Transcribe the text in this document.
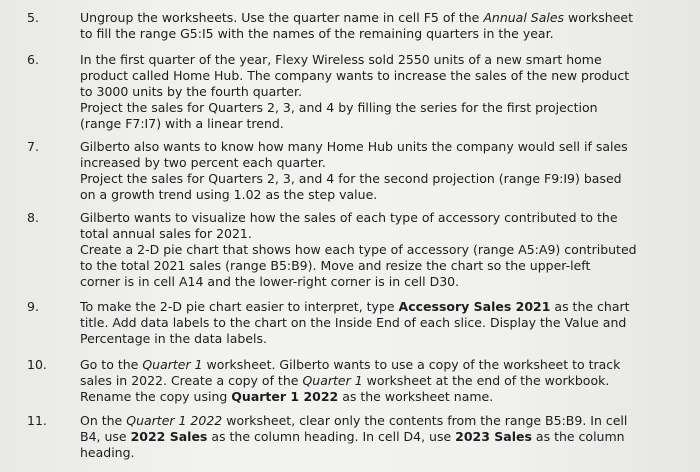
5.	Ungroup the worksheets. Use the quarter name in cell F5 of the Annual Sales worksheet
to fill the range G5:I5 with the names of the remaining quarters in the year.
6.	In the first quarter of the year, Flexy Wireless sold 2550 units of a new smart home
product called Home Hub. The company wants to increase the sales of the new product
to 3000 units by the fourth quarter.
Project the sales for Quarters 2, 3, and 4 by filling the series for the first projection
(range F7:I7) with a linear trend.
7.	Gilberto also wants to know how many Home Hub units the company would sell if sales
increased by two percent each quarter.
Project the sales for Quarters 2, 3, and 4 for the second projection (range F9:I9) based
on a growth trend using 1.02 as the step value.
8.	Gilberto wants to visualize how the sales of each type of accessory contributed to the
total annual sales for 2021.
Create a 2-D pie chart that shows how each type of accessory (range A5:A9) contributed
to the total 2021 sales (range B5:B9). Move and resize the chart so the upper-left
corner is in cell A14 and the lower-right corner is in cell D30.
9.	To make the 2-D pie chart easier to interpret, type Accessory Sales 2021 as the chart
title. Add data labels to the chart on the Inside End of each slice. Display the Value and
Percentage in the data labels.
10.	Go to the Quarter 1 worksheet. Gilberto wants to use a copy of the worksheet to track
sales in 2022. Create a copy of the Quarter 1 worksheet at the end of the workbook.
Rename the copy using Quarter 1 2022 as the worksheet name.
11.	On the Quarter 1 2022 worksheet, clear only the contents from the range B5:B9. In cell
B4, use 2022 Sales as the column heading. In cell D4, use 2023 Sales as the column
heading.
